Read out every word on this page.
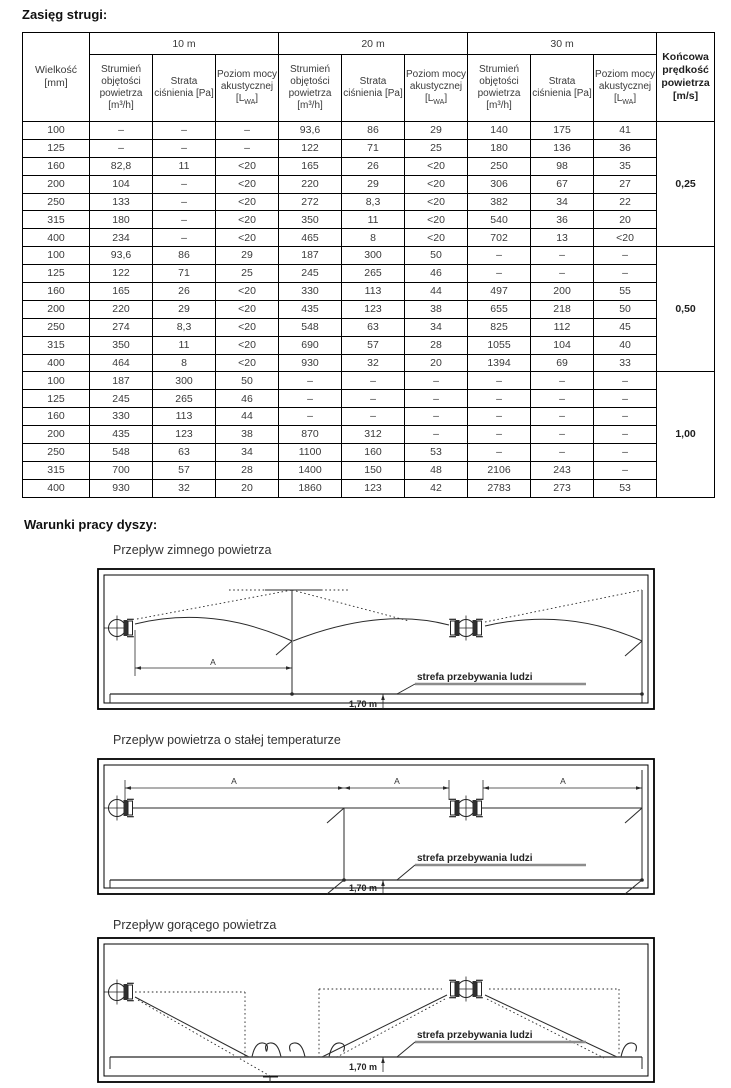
Zasięg strugi:
Wielkość [mm]	10 m			20 m			30 m			Końcowa prędkość powietrza [m/s]
	Strumień objętości powietrza [m³/h]	Strata ciśnienia [Pa]	Poziom mocy akustycznej $[L_{WA}]$	Strumień objętości powietrza [m³/h]	Strata ciśnienia [Pa]	Poziom mocy akustycznej $[L_{WA}]$	Strumień objętości powietrza [m³/h]	Strata ciśnienia [Pa]	Poziom mocy akustycznej $[L_{WA}]$	
100	–	–	–	93,6	86	29	140	175	41	0,25
125	–	–	–	122	71	25	180	136	36	
160	82,8	11	<20	165	26	<20	250	98	35	
200	104	–	<20	220	29	<20	306	67	27	
250	133	–	<20	272	8,3	<20	382	34	22	
315	180	–	<20	350	11	<20	540	36	20	
400	234	–	<20	465	8	<20	702	13	<20	
100	93,6	86	29	187	300	50	–	–	–	0,50
125	122	71	25	245	265	46	–	–	–	
160	165	26	<20	330	113	44	497	200	55	
200	220	29	<20	435	123	38	655	218	50	
250	274	8,3	<20	548	63	34	825	112	45	
315	350	11	<20	690	57	28	1055	104	40	
400	464	8	<20	930	32	20	1394	69	33	
100	187	300	50	–	–	–	–	–	–	1,00
125	245	265	46	–	–	–	–	–	–	
160	330	113	44	–	–	–	–	–	–	
200	435	123	38	870	312	–	–	–	–	
250	548	63	34	1100	160	53	–	–	–	
315	700	57	28	1400	150	48	2106	243	–	
400	930	32	20	1860	123	42	2783	273	53	
Warunki pracy dyszy:
Przepływ zimnego powietrza
A
strefa przebywania ludzi
1,70 m
Przepływ powietrza o stałej temperaturze
A	A	A
strefa przebywania ludzi
1,70 m
Przepływ gorącego powietrza
strefa przebywania ludzi
1,70 m
